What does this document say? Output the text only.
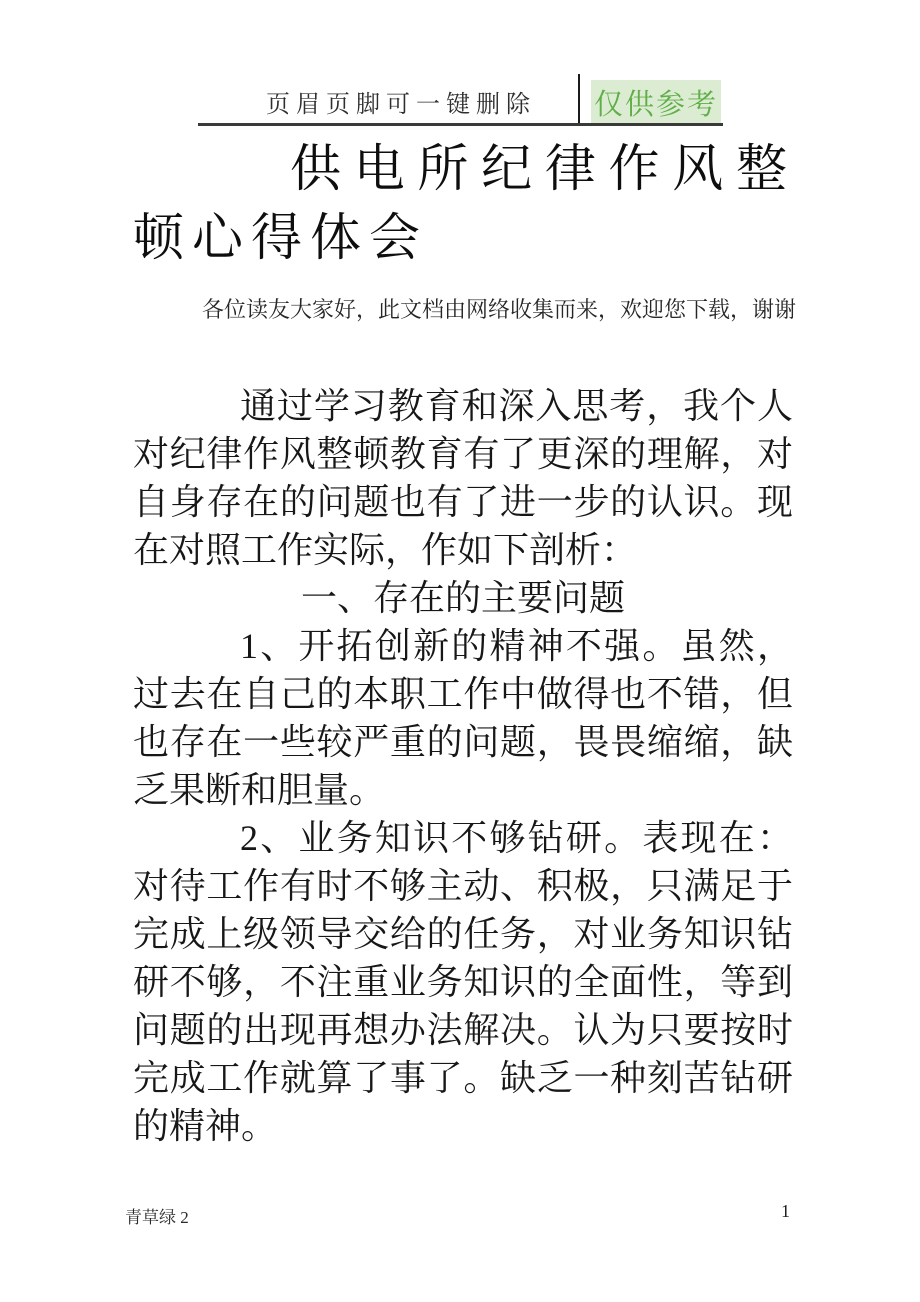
页眉页脚可一键删除 仅供参考
供电所纪律作风整顿心得体会
各位读友大家好，此文档由网络收集而来，欢迎您下载，谢谢

通过学习教育和深入思考，我个人对纪律作风整顿教育有了更深的理解，对自身存在的问题也有了进一步的认识。现在对照工作实际，作如下剖析：

一、存在的主要问题

1、开拓创新的精神不强。虽然，过去在自己的本职工作中做得也不错，但也存在一些较严重的问题，畏畏缩缩，缺乏果断和胆量。

2、业务知识不够钻研。表现在：对待工作有时不够主动、积极，只满足于完成上级领导交给的任务，对业务知识钻研不够，不注重业务知识的全面性，等到问题的出现再想办法解决。认为只要按时完成工作就算了事了。缺乏一种刻苦钻研的精神。

青草绿 2	1
